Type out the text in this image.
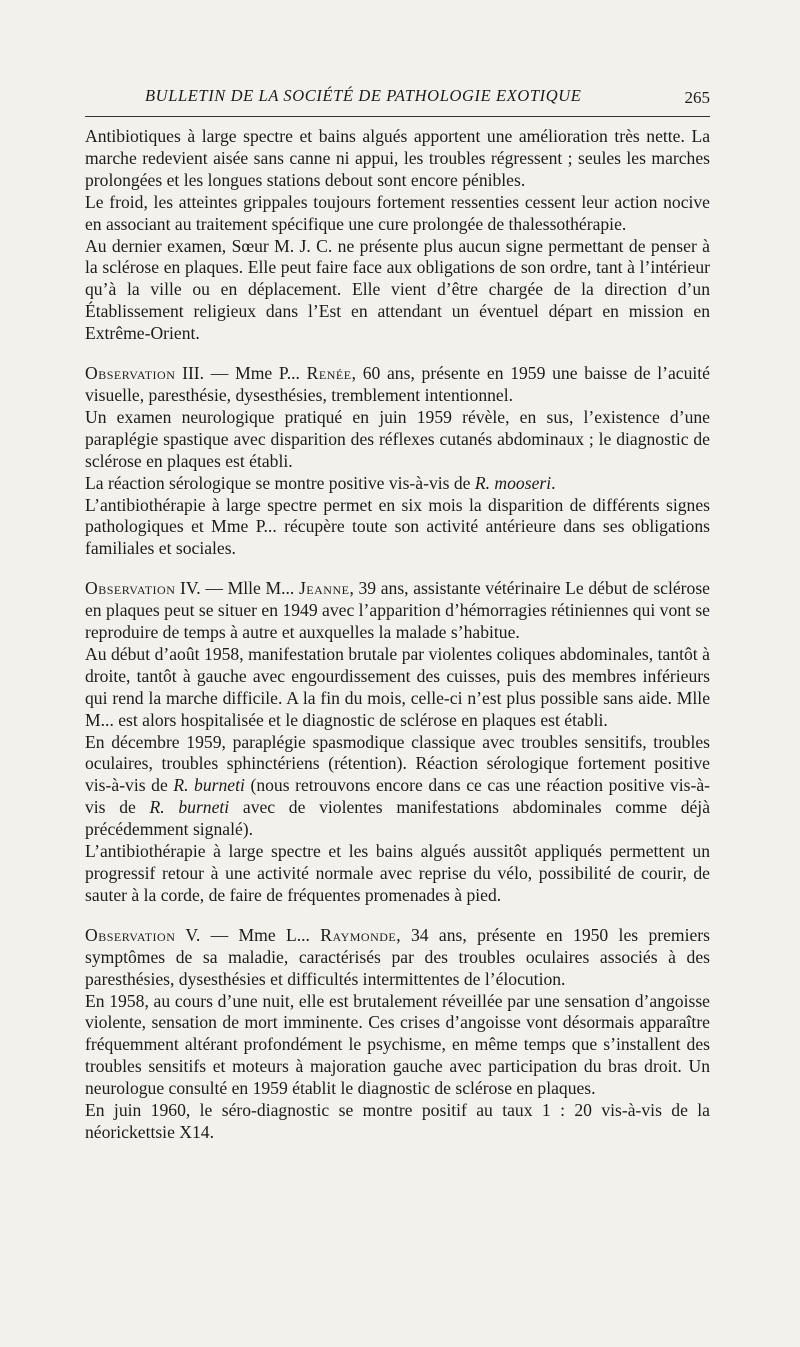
BULLETIN DE LA SOCIÉTÉ DE PATHOLOGIE EXOTIQUE	265

Antibiotiques à large spectre et bains algués apportent une amélioration très nette. La marche redevient aisée sans canne ni appui, les troubles régressent ; seules les marches prolongées et les longues stations debout sont encore pénibles.

Le froid, les atteintes grippales toujours fortement ressenties cessent leur action nocive en associant au traitement spécifique une cure prolongée de thalessothérapie.

Au dernier examen, Sœur M. J. C. ne présente plus aucun signe permettant de penser à la sclérose en plaques. Elle peut faire face aux obligations de son ordre, tant à l’intérieur qu’à la ville ou en déplacement. Elle vient d’être chargée de la direction d’un Établissement religieux dans l’Est en attendant un éventuel départ en mission en Extrême-Orient.

Observation III. — Mme P... Renée, 60 ans, présente en 1959 une baisse de l’acuité visuelle, paresthésie, dysesthésies, tremblement intentionnel.

Un examen neurologique pratiqué en juin 1959 révèle, en sus, l’existence d’une paraplégie spastique avec disparition des réflexes cutanés abdominaux ; le diagnostic de sclérose en plaques est établi.

La réaction sérologique se montre positive vis-à-vis de R. mooseri.

L’antibiothérapie à large spectre permet en six mois la disparition de différents signes pathologiques et Mme P... récupère toute son activité antérieure dans ses obligations familiales et sociales.

Observation IV. — Mlle M... Jeanne, 39 ans, assistante vétérinaire Le début de sclérose en plaques peut se situer en 1949 avec l’apparition d’hémorragies rétiniennes qui vont se reproduire de temps à autre et auxquelles la malade s’habitue.

Au début d’août 1958, manifestation brutale par violentes coliques abdominales, tantôt à droite, tantôt à gauche avec engourdissement des cuisses, puis des membres inférieurs qui rend la marche difficile. A la fin du mois, celle-ci n’est plus possible sans aide. Mlle M... est alors hospitalisée et le diagnostic de sclérose en plaques est établi.

En décembre 1959, paraplégie spasmodique classique avec troubles sensitifs, troubles oculaires, troubles sphinctériens (rétention). Réaction sérologique fortement positive vis-à-vis de R. burneti (nous retrouvons encore dans ce cas une réaction positive vis-à-vis de R. burneti avec de violentes manifestations abdominales comme déjà précédemment signalé).

L’antibiothérapie à large spectre et les bains algués aussitôt appliqués permettent un progressif retour à une activité normale avec reprise du vélo, possibilité de courir, de sauter à la corde, de faire de fréquentes promenades à pied.

Observation V. — Mme L... Raymonde, 34 ans, présente en 1950 les premiers symptômes de sa maladie, caractérisés par des troubles oculaires associés à des paresthésies, dysesthésies et difficultés intermittentes de l’élocution.

En 1958, au cours d’une nuit, elle est brutalement réveillée par une sensation d’angoisse violente, sensation de mort imminente. Ces crises d’angoisse vont désormais apparaître fréquemment altérant profondément le psychisme, en même temps que s’installent des troubles sensitifs et moteurs à majoration gauche avec participation du bras droit. Un neurologue consulté en 1959 établit le diagnostic de sclérose en plaques.

En juin 1960, le séro-diagnostic se montre positif au taux 1 : 20 vis-à-vis de la néorickettsie X14.
